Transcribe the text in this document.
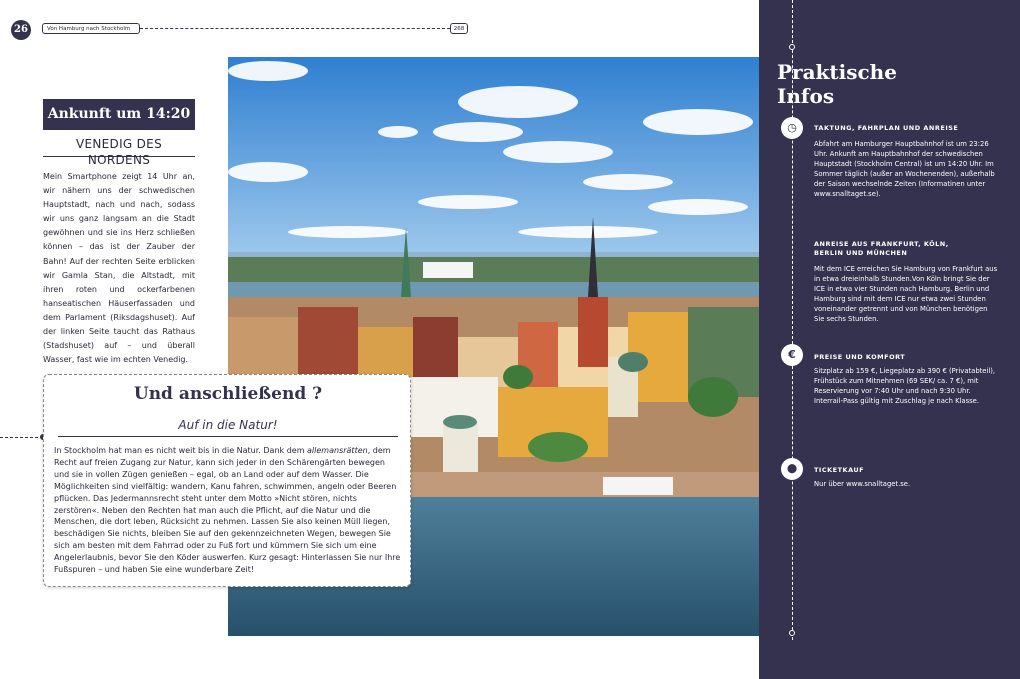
26	Von Hamburg nach Stockholm	268
Ankunft um 14:20
VENEDIG DES NORDENS
Mein Smartphone zeigt 14 Uhr an, wir nähern uns der schwedischen Hauptstadt, nach und nach, sodass wir uns ganz langsam an die Stadt gewöhnen und sie ins Herz schließen können – das ist der Zauber der Bahn! Auf der rechten Seite erblicken wir Gamla Stan, die Altstadt, mit ihren roten und ockerfarbenen hanseatischen Häuserfassaden und dem Parlament (Riksdagshuset). Auf der linken Seite taucht das Rathaus (Stadshuset) auf – und überall Wasser, fast wie im echten Venedig.
Und anschließend ?
Auf in die Natur!
In Stockholm hat man es nicht weit bis in die Natur. Dank dem allemansrätten, dem Recht auf freien Zugang zur Natur, kann sich jeder in den Schärengärten bewegen und sie in vollen Zügen genießen – egal, ob an Land oder auf dem Wasser. Die Möglichkeiten sind vielfältig: wandern, Kanu fahren, schwimmen, angeln oder Beeren pflücken. Das Jedermannsrecht steht unter dem Motto »Nicht stören, nichts zerstören«. Neben den Rechten hat man auch die Pflicht, auf die Natur und die Menschen, die dort leben, Rücksicht zu nehmen. Lassen Sie also keinen Müll liegen, beschädigen Sie nichts, bleiben Sie auf den gekennzeichneten Wegen, bewegen Sie sich am besten mit dem Fahrrad oder zu Fuß fort und kümmern Sie sich um eine Angelerlaubnis, bevor Sie den Köder auswerfen. Kurz gesagt: Hinterlassen Sie nur Ihre Fußspuren – und haben Sie eine wunderbare Zeit!
Praktische
Infos
◷	TAKTUNG, FAHRPLAN UND ANREISE
Abfahrt am Hamburger Hauptbahnhof ist um 23:26 Uhr. Ankunft am Hauptbahnhof der schwedischen Hauptstadt (Stockholm Central) ist um 14:20 Uhr. Im Sommer täglich (außer an Wochenenden), außerhalb der Saison wechselnde Zeiten (Informatinen unter www.snalltaget.se).
ANREISE AUS FRANKFURT, KÖLN, BERLIN UND MÜNCHEN
Mit dem ICE erreichen Sie Hamburg von Frankfurt aus in etwa dreieinhalb Stunden.Von Köln bringt Sie der ICE in etwa vier Stunden nach Hamburg. Berlin und Hamburg sind mit dem ICE nur etwa zwei Stunden voneinander getrennt und von München benötigen Sie sechs Stunden.
€	PREISE UND KOMFORT
Sitzplatz ab 159 €, Liegeplatz ab 390 € (Privatabteil), Frühstück zum Mitnehmen (69 SEK/ ca. 7 €), mit Reservierung vor 7:40 Uhr und nach 9:30 Uhr. Interrail-Pass gültig mit Zuschlag je nach Klasse.
⬤	TICKETKAUF
Nur über www.snalltaget.se.
